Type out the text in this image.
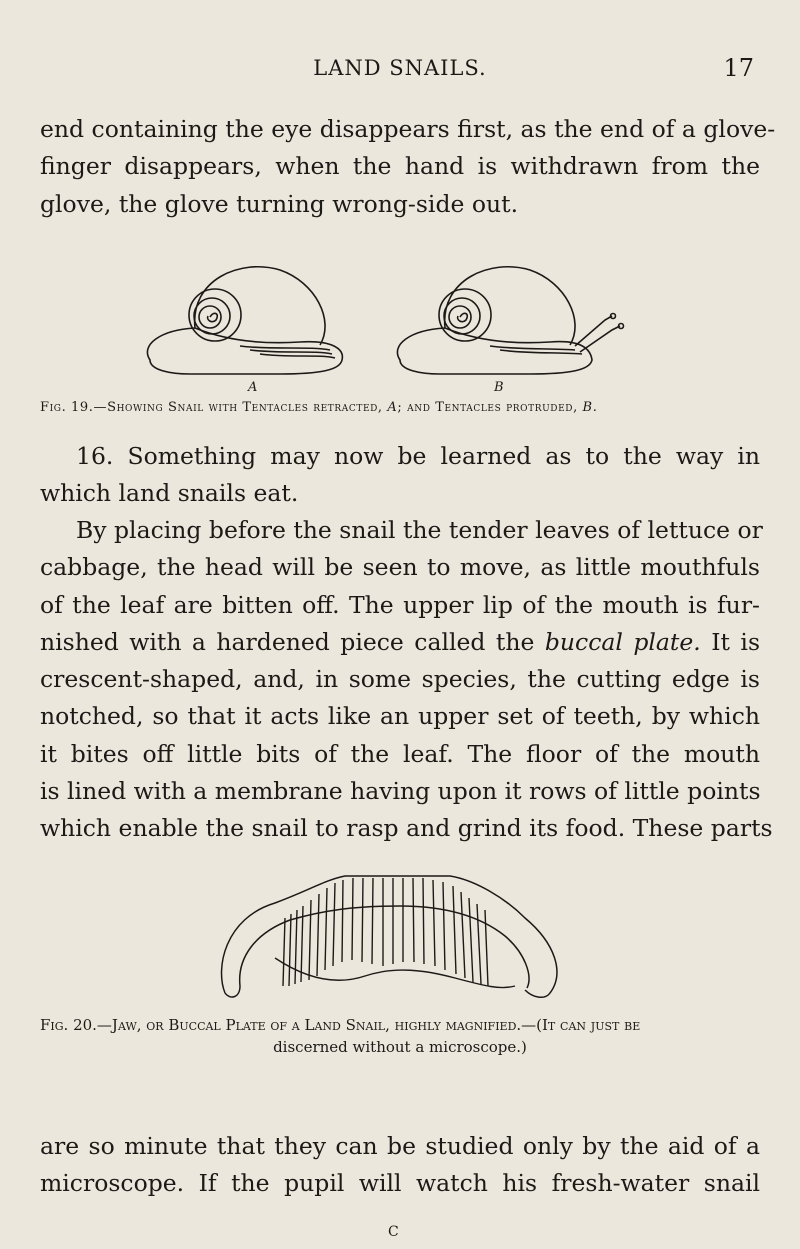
LAND SNAILS.	17
end containing the eye disappears first, as the end of a glove-
finger disappears, when the hand is withdrawn from the
glove, the glove turning wrong-side out.
A	B
Fig. 19.—Showing Snail with Tentacles retracted, A; and Tentacles protruded, B.
16. Something may now be learned as to the way in
which land snails eat.
By placing before the snail the tender leaves of lettuce or
cabbage, the head will be seen to move, as little mouthfuls
of the leaf are bitten off. The upper lip of the mouth is fur-
nished with a hardened piece called the buccal plate. It is
crescent-shaped, and, in some species, the cutting edge is
notched, so that it acts like an upper set of teeth, by which
it bites off little bits of the leaf. The floor of the mouth
is lined with a membrane having upon it rows of little points
which enable the snail to rasp and grind its food. These parts
Fig. 20.—Jaw, or Buccal Plate of a Land Snail, highly magnified.—(It can just be
discerned without a microscope.)
are so minute that they can be studied only by the aid of a
microscope. If the pupil will watch his fresh-water snail
C
